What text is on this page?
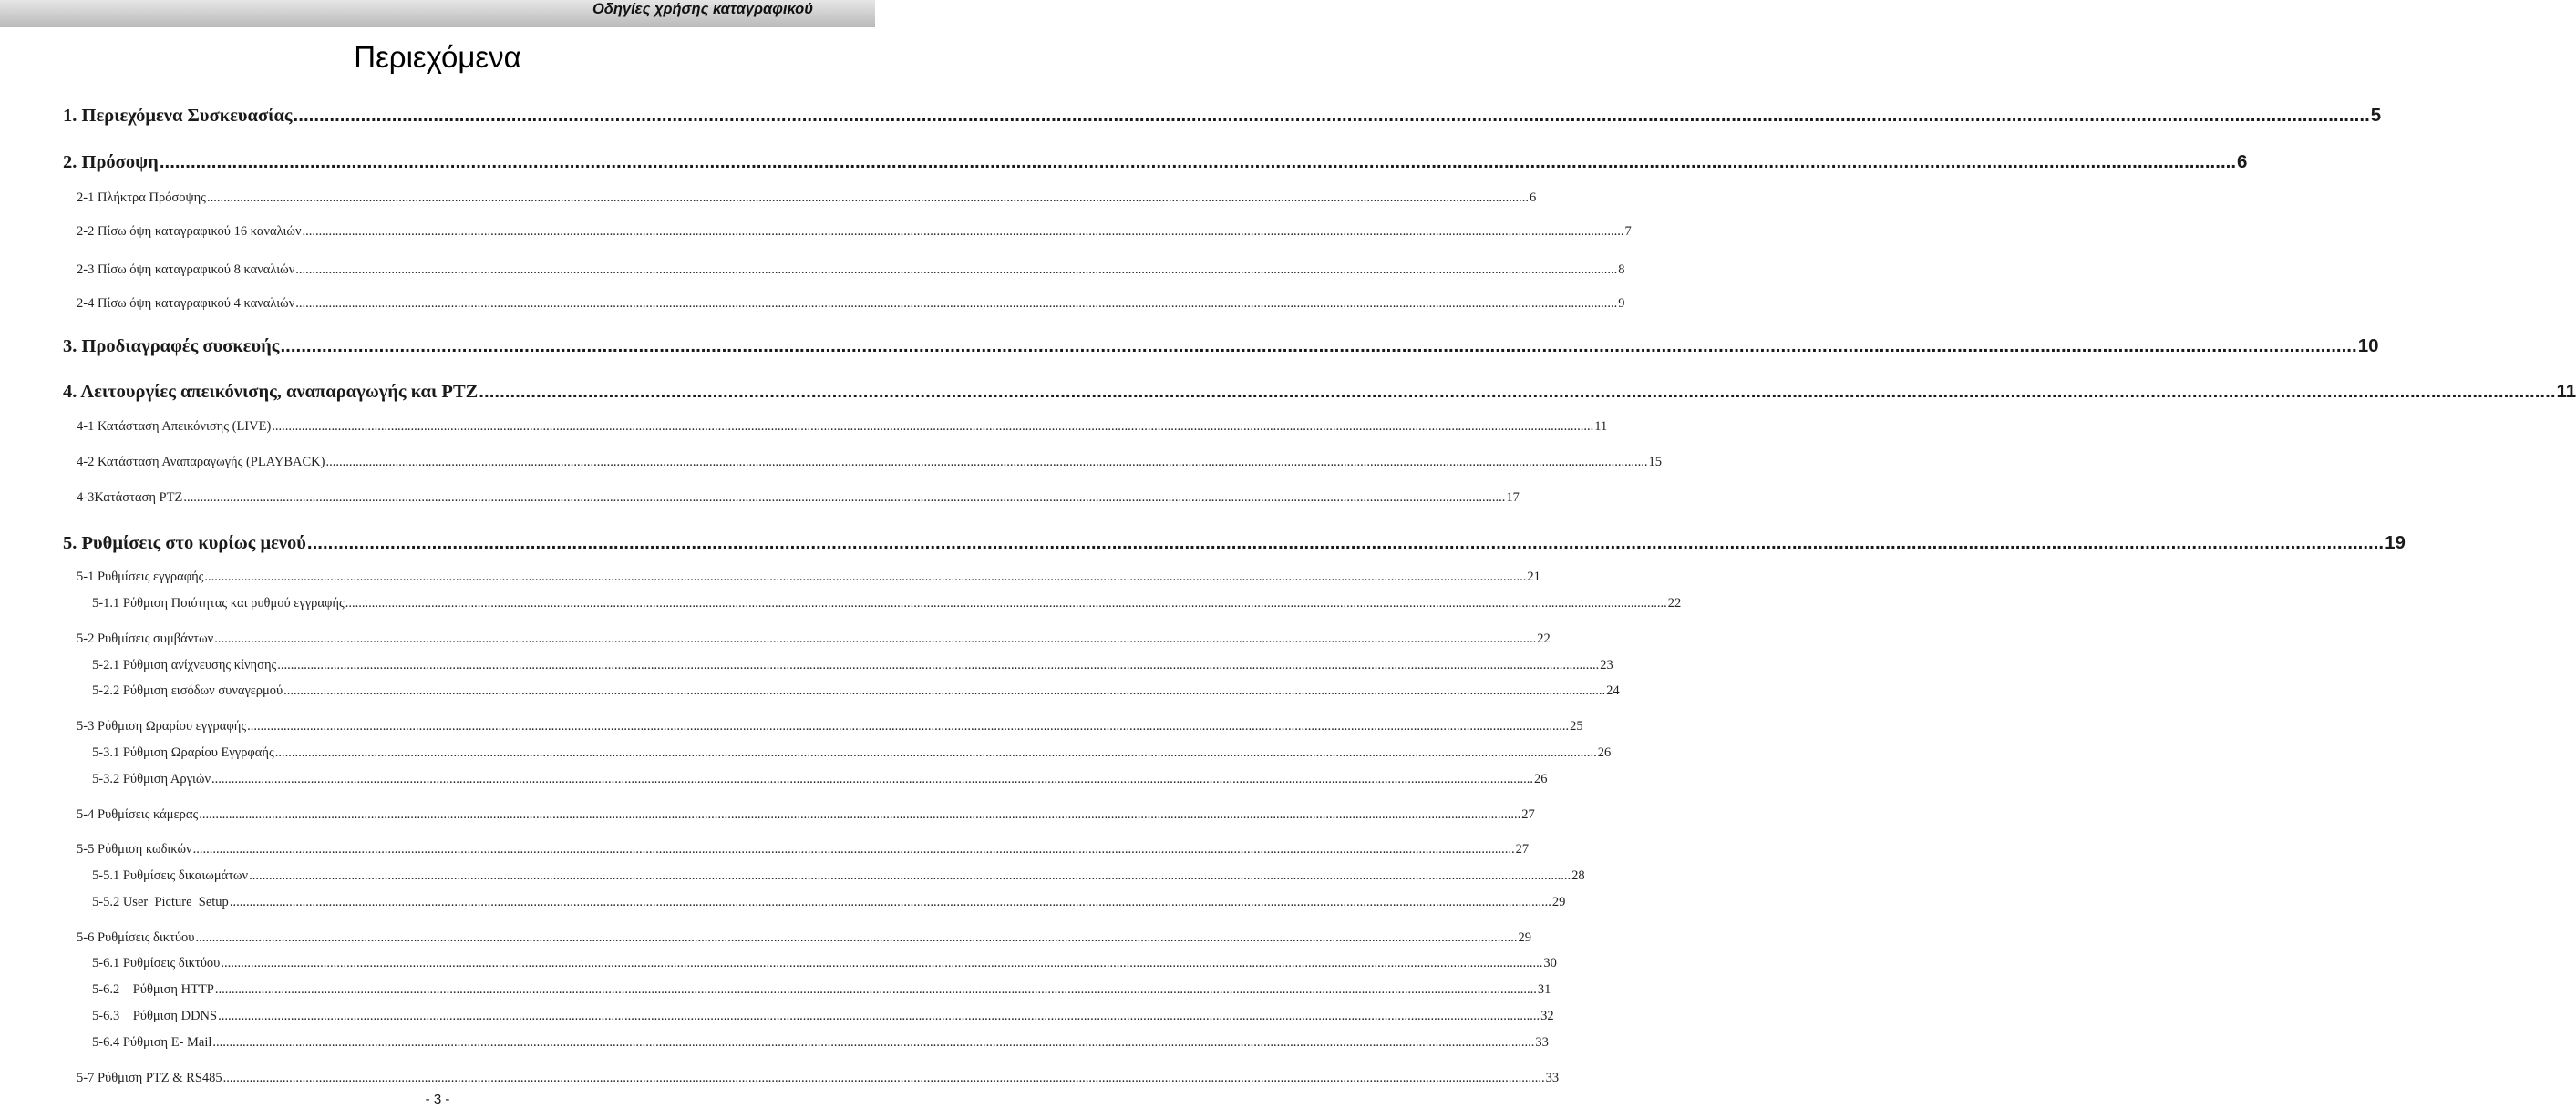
Οδηγίες χρήσης καταγραφικού
Περιεχόμενα
1. Περιεχόμενα Συσκευασίας ................................................................................................................................................................................................................................................................................................................................................................................................................ 5
2. Πρόσοψη ................................................................................................................................................................................................................................................................................................................................................................................................................ 6
2-1 Πλήκτρα Πρόσοψης ................................................................................................................................................................................................................................................................................................................................................................................................................ 6
2-2 Πίσω όψη καταγραφικού 16 καναλιών ................................................................................................................................................................................................................................................................................................................................................................................................................ 7
2-3 Πίσω όψη καταγραφικού 8 καναλιών ................................................................................................................................................................................................................................................................................................................................................................................................................ 8
2-4 Πίσω όψη καταγραφικού 4 καναλιών ................................................................................................................................................................................................................................................................................................................................................................................................................ 9
3. Προδιαγραφές συσκευής ................................................................................................................................................................................................................................................................................................................................................................................................................ 10
4. Λειτουργίες απεικόνισης, αναπαραγωγής και PTZ ................................................................................................................................................................................................................................................................................................................................................................................................................ 11
4-1 Κατάσταση Απεικόνισης (LIVE) ................................................................................................................................................................................................................................................................................................................................................................................................................ 11
4-2 Κατάσταση Αναπαραγωγής (PLAYBACK) ................................................................................................................................................................................................................................................................................................................................................................................................................ 15
4-3Κατάσταση PTZ ................................................................................................................................................................................................................................................................................................................................................................................................................ 17
5. Ρυθμίσεις στο κυρίως μενού ................................................................................................................................................................................................................................................................................................................................................................................................................ 19
5-1 Ρυθμίσεις εγγραφής ................................................................................................................................................................................................................................................................................................................................................................................................................ 21
5-1.1 Ρύθμιση Ποιότητας και ρυθμού εγγραφής ................................................................................................................................................................................................................................................................................................................................................................................................................ 22
5-2 Ρυθμίσεις συμβάντων ................................................................................................................................................................................................................................................................................................................................................................................................................ 22
5-2.1 Ρύθμιση ανίχνευσης κίνησης ................................................................................................................................................................................................................................................................................................................................................................................................................ 23
5-2.2 Ρύθμιση εισόδων συναγερμού ................................................................................................................................................................................................................................................................................................................................................................................................................ 24
5-3 Ρύθμιση Ωραρίου εγγραφής ................................................................................................................................................................................................................................................................................................................................................................................................................ 25
5-3.1 Ρύθμιση Ωραρίου Εγγρφαής ................................................................................................................................................................................................................................................................................................................................................................................................................ 26
5-3.2 Ρύθμιση Αργιών ................................................................................................................................................................................................................................................................................................................................................................................................................ 26
5-4 Ρυθμίσεις κάμερας ................................................................................................................................................................................................................................................................................................................................................................................................................ 27
5-5 Ρύθμιση κωδικών ................................................................................................................................................................................................................................................................................................................................................................................................................ 27
5-5.1 Ρυθμίσεις δικαιωμάτων ................................................................................................................................................................................................................................................................................................................................................................................................................ 28
5-5.2 User  Picture  Setup ................................................................................................................................................................................................................................................................................................................................................................................................................ 29
5-6 Ρυθμίσεις δικτύου ................................................................................................................................................................................................................................................................................................................................................................................................................ 29
5-6.1 Ρυθμίσεις δικτύου ................................................................................................................................................................................................................................................................................................................................................................................................................ 30
5-6.2    Ρύθμιση HTTP ................................................................................................................................................................................................................................................................................................................................................................................................................ 31
5-6.3    Ρύθμιση DDNS ................................................................................................................................................................................................................................................................................................................................................................................................................ 32
5-6.4 Ρύθμιση E- Mail ................................................................................................................................................................................................................................................................................................................................................................................................................ 33
5-7 Ρύθμιση PTZ & RS485 ................................................................................................................................................................................................................................................................................................................................................................................................................ 33
- 3 -
